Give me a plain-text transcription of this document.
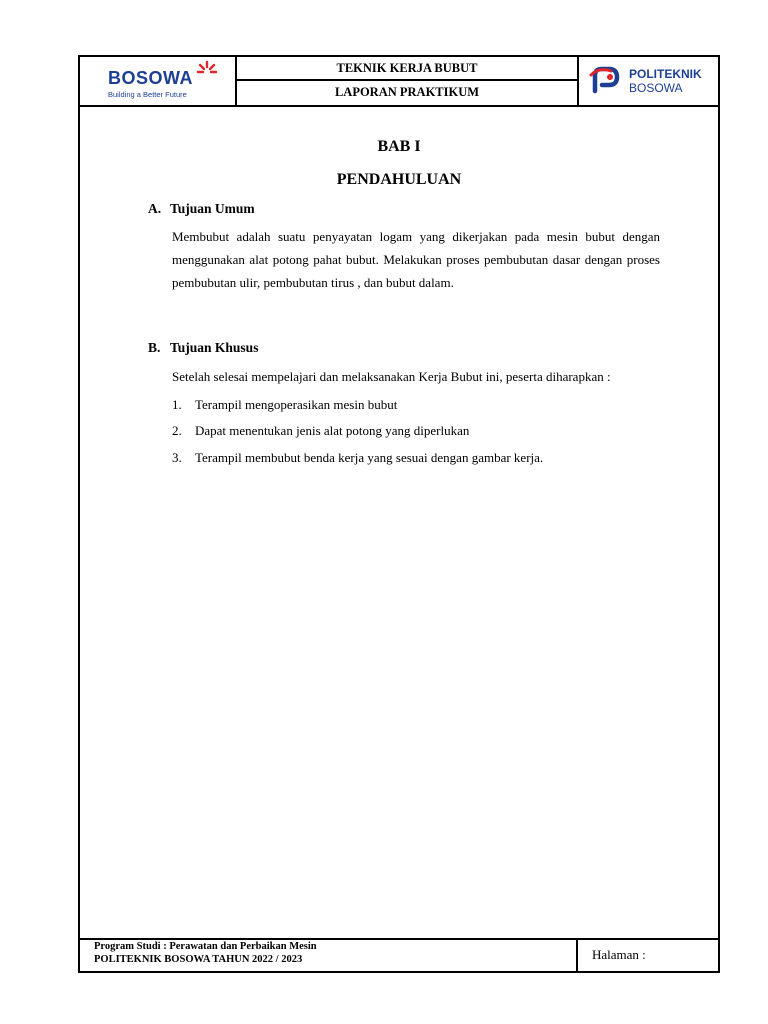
BOSOWA
Building a Better Future
TEKNIK KERJA BUBUT
LAPORAN PRAKTIKUM
POLITEKNIK
BOSOWA
BAB I
PENDAHULUAN
A. Tujuan Umum
Membubut adalah suatu penyayatan logam yang dikerjakan pada mesin bubut dengan menggunakan alat potong pahat bubut. Melakukan proses pembubutan dasar dengan proses pembubutan ulir, pembubutan tirus , dan bubut dalam.
B. Tujuan Khusus
Setelah selesai mempelajari dan melaksanakan Kerja Bubut ini, peserta diharapkan :
1. Terampil mengoperasikan mesin bubut
2. Dapat menentukan jenis alat potong yang diperlukan
3. Terampil membubut benda kerja yang sesuai dengan gambar kerja.
Program Studi : Perawatan dan Perbaikan Mesin
POLITEKNIK BOSOWA TAHUN 2022 / 2023	Halaman :
